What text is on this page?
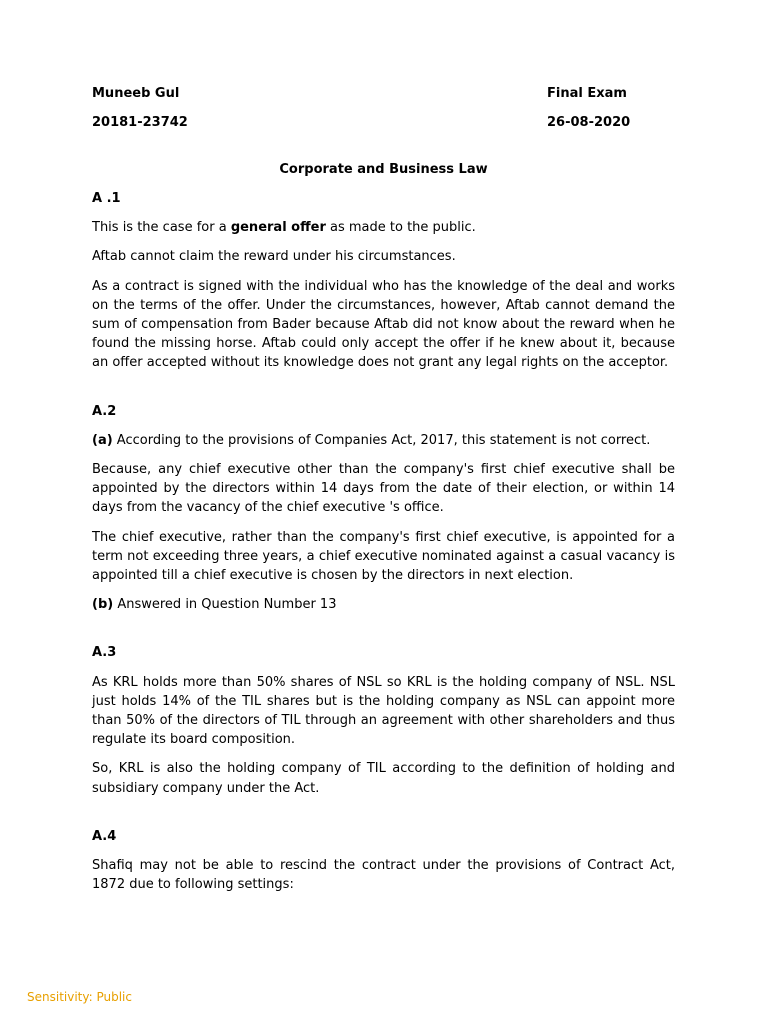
Muneeb Gul	Final Exam
20181-23742	26-08-2020
Corporate and Business Law
A .1

This is the case for a general offer as made to the public.

Aftab cannot claim the reward under his circumstances.

As a contract is signed with the individual who has the knowledge of the deal and works on the terms of the offer. Under the circumstances, however, Aftab cannot demand the sum of compensation from Bader because Aftab did not know about the reward when he found the missing horse. Aftab could only accept the offer if he knew about it, because an offer accepted without its knowledge does not grant any legal rights on the acceptor.

A.2

(a) According to the provisions of Companies Act, 2017, this statement is not correct.

Because, any chief executive other than the company's first chief executive shall be appointed by the directors within 14 days from the date of their election, or within 14 days from the vacancy of the chief executive 's office.

The chief executive, rather than the company's first chief executive, is appointed for a term not exceeding three years, a chief executive nominated against a casual vacancy is appointed till a chief executive is chosen by the directors in next election.

(b) Answered in Question Number 13

A.3

As KRL holds more than 50% shares of NSL so KRL is the holding company of NSL. NSL just holds 14% of the TIL shares but is the holding company as NSL can appoint more than 50% of the directors of TIL through an agreement with other shareholders and thus regulate its board composition.

So, KRL is also the holding company of TIL according to the definition of holding and subsidiary company under the Act.

A.4

Shafiq may not be able to rescind the contract under the provisions of Contract Act, 1872 due to following settings:

Sensitivity: Public
